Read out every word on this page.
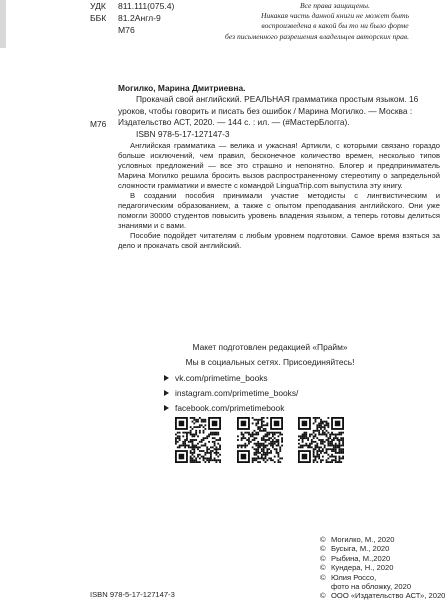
УДК 811.111(075.4)
ББК 81.2Англ-9
М76
Все права защищены.
Никакая часть данной книги не может быть
воспроизведена в какой бы то ни было форме
без письменного разрешения владельцев авторских прав.
М76
Могилко, Марина Дмитриевна.
Прокачай свой английский. РЕАЛЬНАЯ грамматика простым языком. 16 уроков, чтобы говорить и писать без ошибок / Марина Могилко. — Москва : Издательство АСТ, 2020. — 144 с. : ил. — (#МастерБлогга).
ISBN 978-5-17-127147-3

Английская грамматика — велика и ужасная! Артикли, с которыми связано гораздо больше исключений, чем правил, бесконечное количество времен, несколько типов условных предложений — все это страшно и непонятно. Блогер и предприниматель Марина Могилко решила бросить вызов распространенному стереотипу о запредельной сложности грамматики и вместе с командой LinguaTrip.com выпустила эту книгу.

В создании пособия принимали участие методисты с лингвистическим и педагогическим образованием, а также с опытом преподавания английского. Они уже помогли 30000 студентов повысить уровень владения языком, а теперь готовы делиться знаниями и с вами.

Пособие подойдет читателям с любым уровнем подготовки. Самое время взяться за дело и прокачать свой английский.

Макет подготовлен редакцией «Прайм»
Мы в социальных сетях. Присоединяйтесь!
vk.com/primetime_books
instagram.com/primetime_books/
facebook.com/primetimebook
© Могилко, М., 2020
© Бусыга, М., 2020
© Рыбина, М.,2020
© Кундера, Н., 2020
© Юлия Россо,
фото на обложку, 2020
© ООО «Издательство АСТ», 2020
ISBN 978-5-17-127147-3
